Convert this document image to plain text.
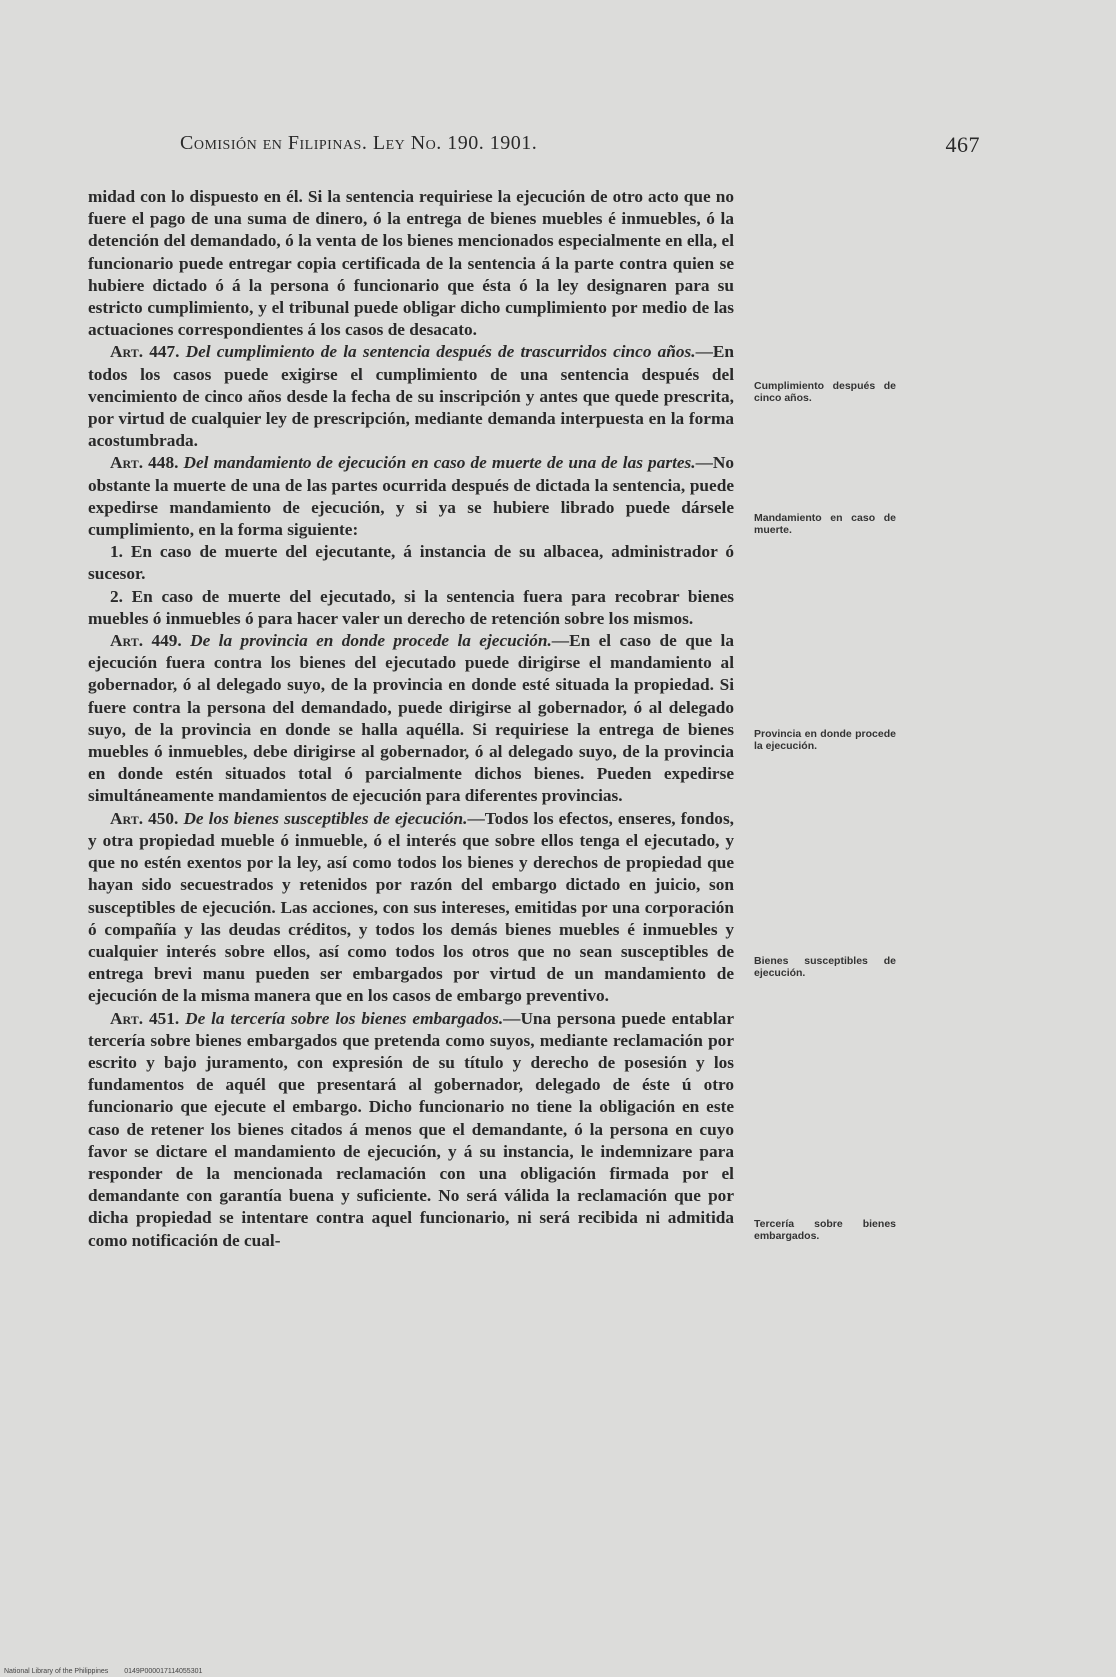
Comisión en Filipinas. Ley No. 190. 1901.	467

midad con lo dispuesto en él. Si la sentencia requiriese la ejecución de otro acto que no fuere el pago de una suma de dinero, ó la entrega de bienes muebles é inmuebles, ó la detención del demandado, ó la venta de los bienes mencionados especialmente en ella, el funcionario puede entregar copia certificada de la sentencia á la parte contra quien se hubiere dictado ó á la persona ó funcionario que ésta ó la ley designaren para su estricto cumplimiento, y el tribunal puede obligar dicho cumplimiento por medio de las actuaciones correspondientes á los casos de desacato.

Art. 447. Del cumplimiento de la sentencia después de trascurridos cinco años.—En todos los casos puede exigirse el cumplimiento de una sentencia después del vencimiento de cinco años desde la fecha de su inscripción y antes que quede prescrita, por virtud de cualquier ley de prescripción, mediante demanda interpuesta en la forma acostumbrada.

Art. 448. Del mandamiento de ejecución en caso de muerte de una de las partes.—No obstante la muerte de una de las partes ocurrida después de dictada la sentencia, puede expedirse mandamiento de ejecución, y si ya se hubiere librado puede dársele cumplimiento, en la forma siguiente:

1. En caso de muerte del ejecutante, á instancia de su albacea, administrador ó sucesor.

2. En caso de muerte del ejecutado, si la sentencia fuera para recobrar bienes muebles ó inmuebles ó para hacer valer un derecho de retención sobre los mismos.

Art. 449. De la provincia en donde procede la ejecución.—En el caso de que la ejecución fuera contra los bienes del ejecutado puede dirigirse el mandamiento al gobernador, ó al delegado suyo, de la provincia en donde esté situada la propiedad. Si fuere contra la persona del demandado, puede dirigirse al gobernador, ó al delegado suyo, de la provincia en donde se halla aquélla. Si requiriese la entrega de bienes muebles ó inmuebles, debe dirigirse al gobernador, ó al delegado suyo, de la provincia en donde estén situados total ó parcialmente dichos bienes. Pueden expedirse simultáneamente mandamientos de ejecución para diferentes provincias.

Art. 450. De los bienes susceptibles de ejecución.—Todos los efectos, enseres, fondos, y otra propiedad mueble ó inmueble, ó el interés que sobre ellos tenga el ejecutado, y que no estén exentos por la ley, así como todos los bienes y derechos de propiedad que hayan sido secuestrados y retenidos por razón del embargo dictado en juicio, son susceptibles de ejecución. Las acciones, con sus intereses, emitidas por una corporación ó compañía y las deudas créditos, y todos los demás bienes muebles é inmuebles y cualquier interés sobre ellos, así como todos los otros que no sean susceptibles de entrega brevi manu pueden ser embargados por virtud de un mandamiento de ejecución de la misma manera que en los casos de embargo preventivo.

Art. 451. De la tercería sobre los bienes embargados.—Una persona puede entablar tercería sobre bienes embargados que pretenda como suyos, mediante reclamación por escrito y bajo juramento, con expresión de su título y derecho de posesión y los fundamentos de aquél que presentará al gobernador, delegado de éste ú otro funcionario que ejecute el embargo. Dicho funcionario no tiene la obligación en este caso de retener los bienes citados á menos que el demandante, ó la persona en cuyo favor se dictare el mandamiento de ejecución, y á su instancia, le indemnizare para responder de la mencionada reclamación con una obligación firmada por el demandante con garantía buena y suficiente. No será válida la reclamación que por dicha propiedad se intentare contra aquel funcionario, ni será recibida ni admitida como notificación de cual-

Cumplimiento después de cinco años.
Mandamiento en caso de muerte.
Provincia en donde procede la ejecución.
Bienes susceptibles de ejecución.
Tercería sobre bienes embargados.
National Library of the Philippines 0149P000017114055301
